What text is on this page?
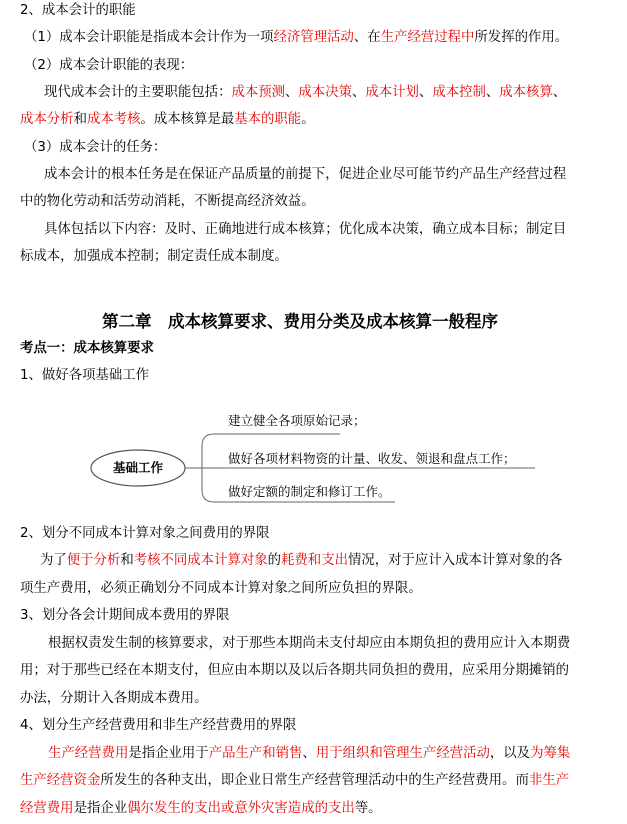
2、成本会计的职能
（1）成本会计职能是指成本会计作为一项经济管理活动、在生产经营过程中所发挥的作用。
（2）成本会计职能的表现：
现代成本会计的主要职能包括：成本预测、成本决策、成本计划、成本控制、成本核算、
成本分析和成本考核。成本核算是最基本的职能。
（3）成本会计的任务：
成本会计的根本任务是在保证产品质量的前提下，促进企业尽可能节约产品生产经营过程
中的物化劳动和活劳动消耗，不断提高经济效益。
具体包括以下内容：及时、正确地进行成本核算；优化成本决策，确立成本目标；制定目
标成本，加强成本控制；制定责任成本制度。
第二章　成本核算要求、费用分类及成本核算一般程序
考点一：成本核算要求
1、做好各项基础工作
基础工作
建立健全各项原始记录；
做好各项材料物资的计量、收发、领退和盘点工作；
做好定额的制定和修订工作。
2、划分不同成本计算对象之间费用的界限
为了便于分析和考核不同成本计算对象的耗费和支出情况，对于应计入成本计算对象的各
项生产费用，必须正确划分不同成本计算对象之间所应负担的界限。
3、划分各会计期间成本费用的界限
根据权责发生制的核算要求，对于那些本期尚未支付却应由本期负担的费用应计入本期费
用；对于那些已经在本期支付，但应由本期以及以后各期共同负担的费用，应采用分期摊销的
办法，分期计入各期成本费用。
4、划分生产经营费用和非生产经营费用的界限
生产经营费用是指企业用于产品生产和销售、用于组织和管理生产经营活动，以及为筹集
生产经营资金所发生的各种支出，即企业日常生产经营管理活动中的生产经营费用。而非生产
经营费用是指企业偶尔发生的支出或意外灾害造成的支出等。
